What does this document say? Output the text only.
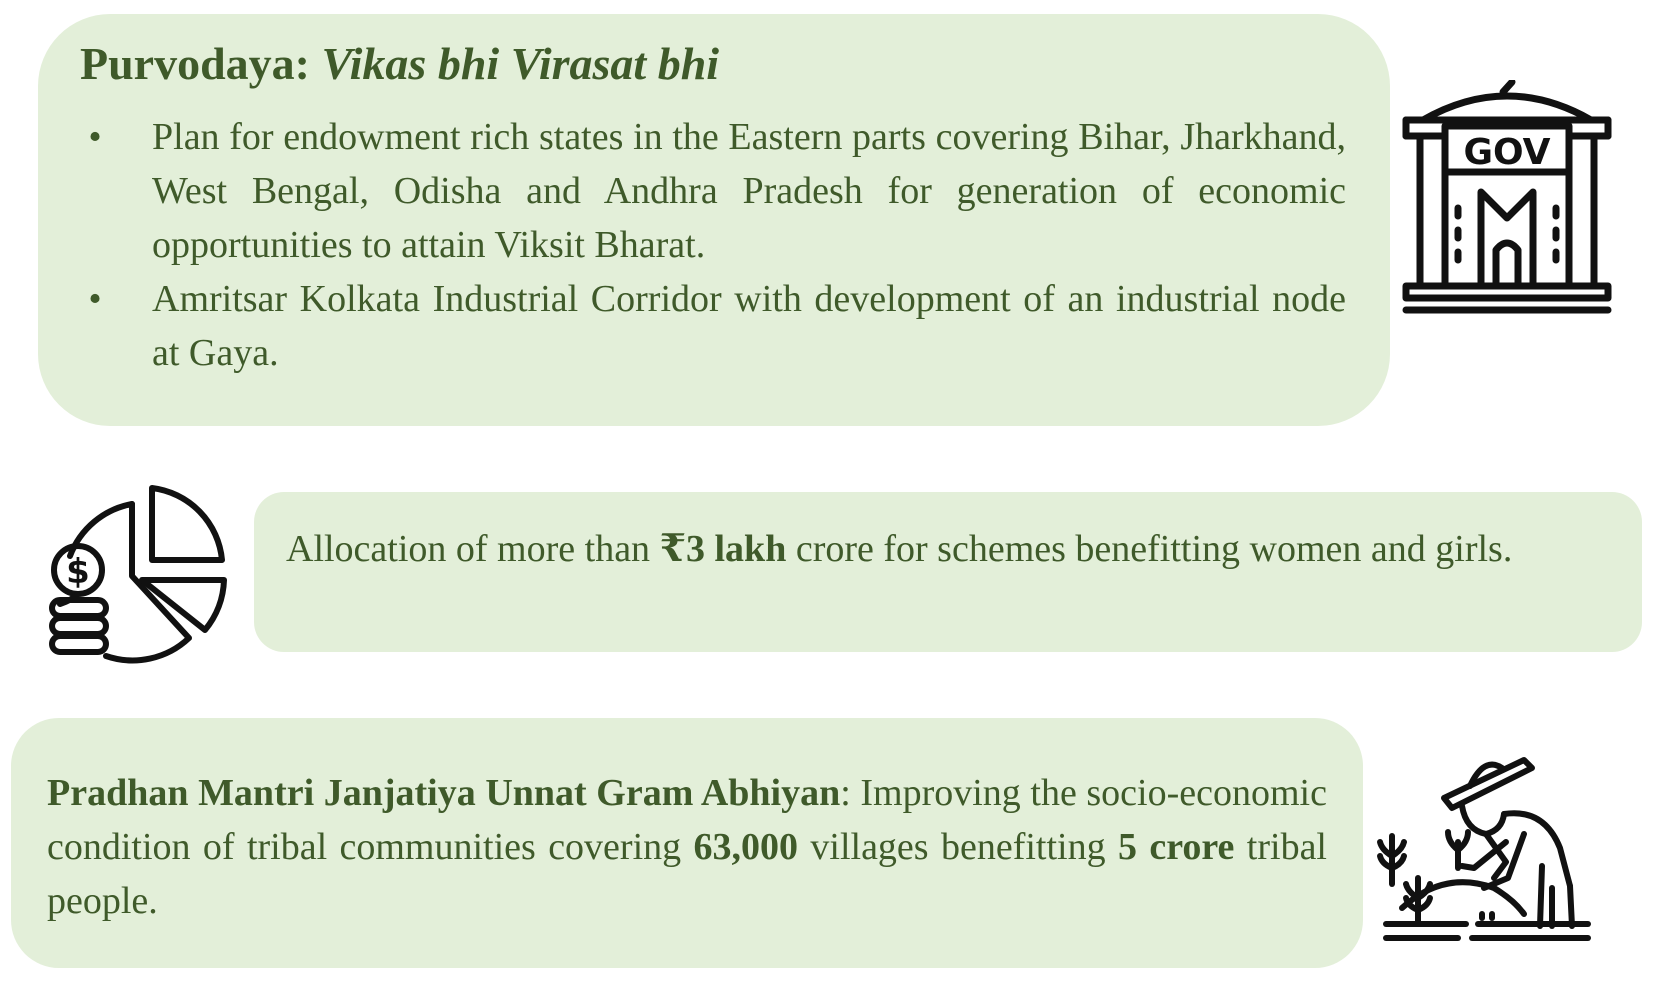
Purvodaya: Vikas bhi Virasat bhi
• Plan for endowment rich states in the Eastern parts covering Bihar, Jharkhand, West Bengal, Odisha and Andhra Pradesh for generation of economic opportunities to attain Viksit Bharat.
• Amritsar Kolkata Industrial Corridor with development of an industrial node at Gaya.
GOV

Allocation of more than ₹3 lakh crore for schemes benefitting women and girls.

$

Pradhan Mantri Janjatiya Unnat Gram Abhiyan: Improving the socio-economic condition of tribal communities covering 63,000 villages benefitting 5 crore tribal people.
